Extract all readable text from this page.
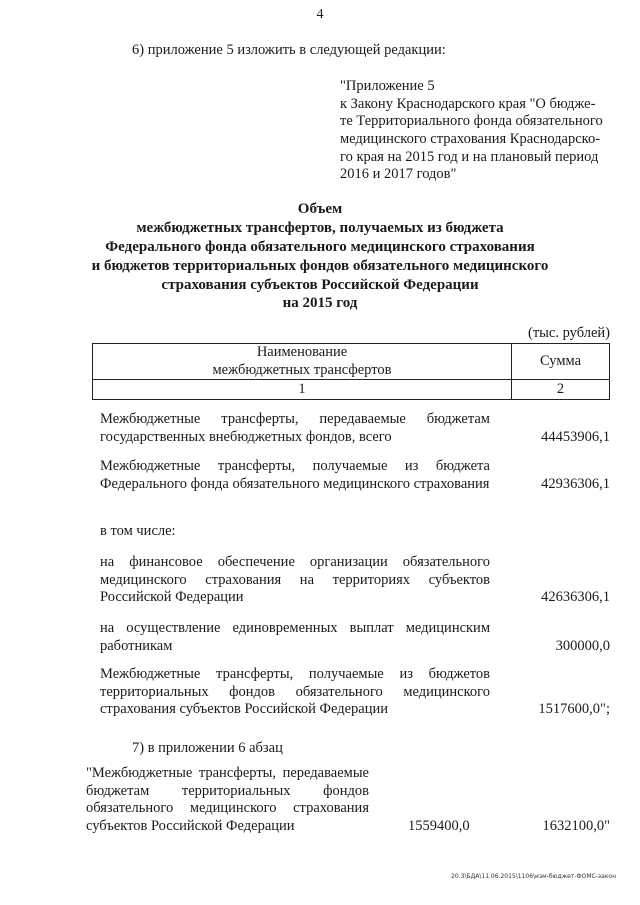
4
6) приложение 5 изложить в следующей редакции:
"Приложение 5
к Закону Краснодарского края "О бюдже-
те Территориального фонда обязательного
медицинского страхования Краснодарско-
го края на 2015 год и на плановый период
2016 и 2017 годов"
Объем
межбюджетных трансфертов, получаемых из бюджета
Федерального фонда обязательного медицинского страхования
и бюджетов территориальных фондов обязательного медицинского
страхования субъектов Российской Федерации
на 2015 год
(тыс. рублей)
Наименование
межбюджетных трансфертов	Сумма
1	2
Межбюджетные трансферты, передаваемые бюджетам государственных внебюджетных фондов, всего	44453906,1
Межбюджетные трансферты, получаемые из бюджета Федерального фонда обязательного медицинского страхования	42936306,1
в том числе:
на финансовое обеспечение организации обязательного медицинского страхования на территориях субъектов Российской Федерации	42636306,1
на осуществление единовременных выплат медицинским работникам	300000,0
Межбюджетные трансферты, получаемые из бюджетов территориальных фондов обязательного медицинского страхования субъектов Российской Федерации	1517600,0";
7) в приложении 6 абзац
"Межбюджетные трансферты, передаваемые бюджетам территориальных фондов обязательного медицинского страхования субъектов Российской Федерации	1559400,0	1632100,0"
20.3\БДА\11.06.2015\1106\изм-бюджет-ФОМС-закон
